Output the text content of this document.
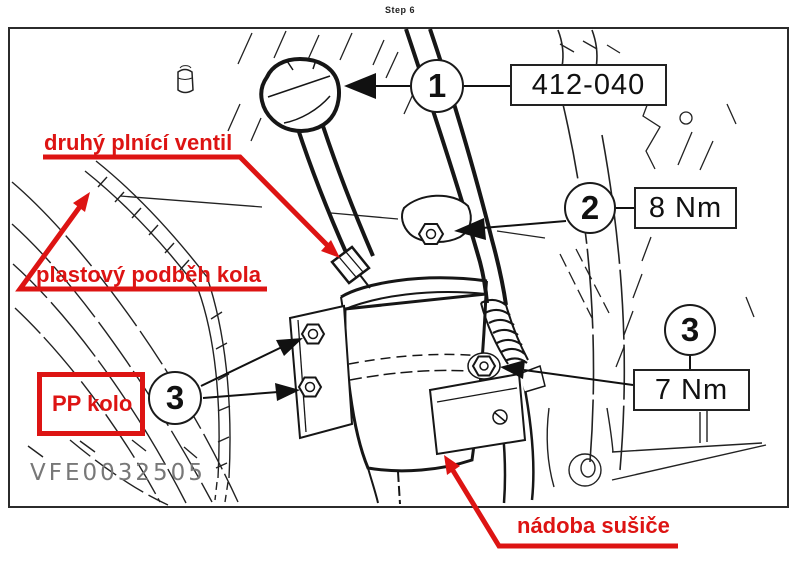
Step 6
1
2
3
3
412-040
8 Nm
7 Nm
druhý plnící ventil
plastový podběh kola
PP kolo
nádoba sušiče
VFE0032505
